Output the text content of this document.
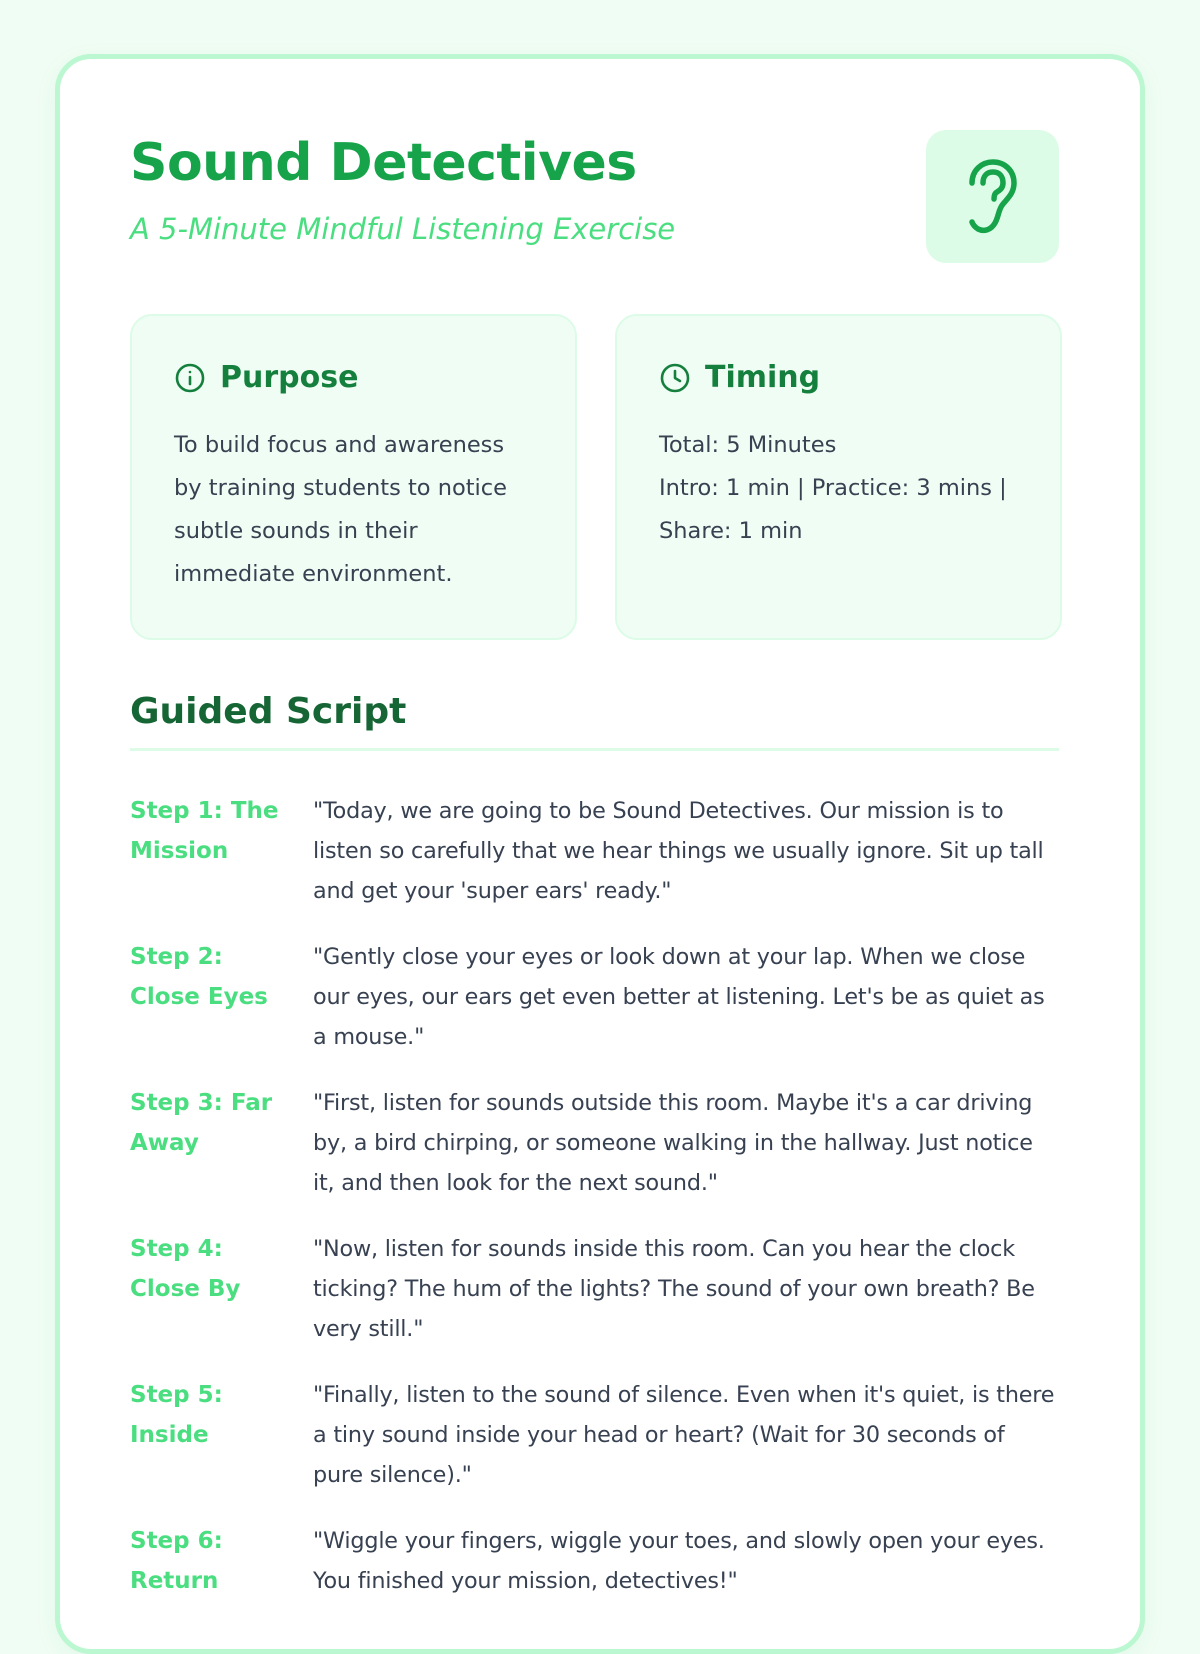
Sound Detectives

A 5-Minute Mindful Listening Exercise

Purpose
To build focus and awareness
by training students to notice
subtle sounds in their
immediate environment.
Timing
Total: 5 Minutes
Intro: 1 min | Practice: 3 mins |
Share: 1 min
Guided Script
Step 1: The Mission
"Today, we are going to be Sound Detectives. Our mission is to listen so carefully that we hear things we usually ignore. Sit up tall and get your 'super ears' ready."
Step 2: Close Eyes
"Gently close your eyes or look down at your lap. When we close our eyes, our ears get even better at listening. Let's be as quiet as a mouse."
Step 3: Far Away
"First, listen for sounds outside this room. Maybe it's a car driving by, a bird chirping, or someone walking in the hallway. Just notice it, and then look for the next sound."
Step 4: Close By
"Now, listen for sounds inside this room. Can you hear the clock ticking? The hum of the lights? The sound of your own breath? Be very still."
Step 5: Inside
"Finally, listen to the sound of silence. Even when it's quiet, is there a tiny sound inside your head or heart? (Wait for 30 seconds of pure silence)."
Step 6: Return
"Wiggle your fingers, wiggle your toes, and slowly open your eyes. You finished your mission, detectives!"
